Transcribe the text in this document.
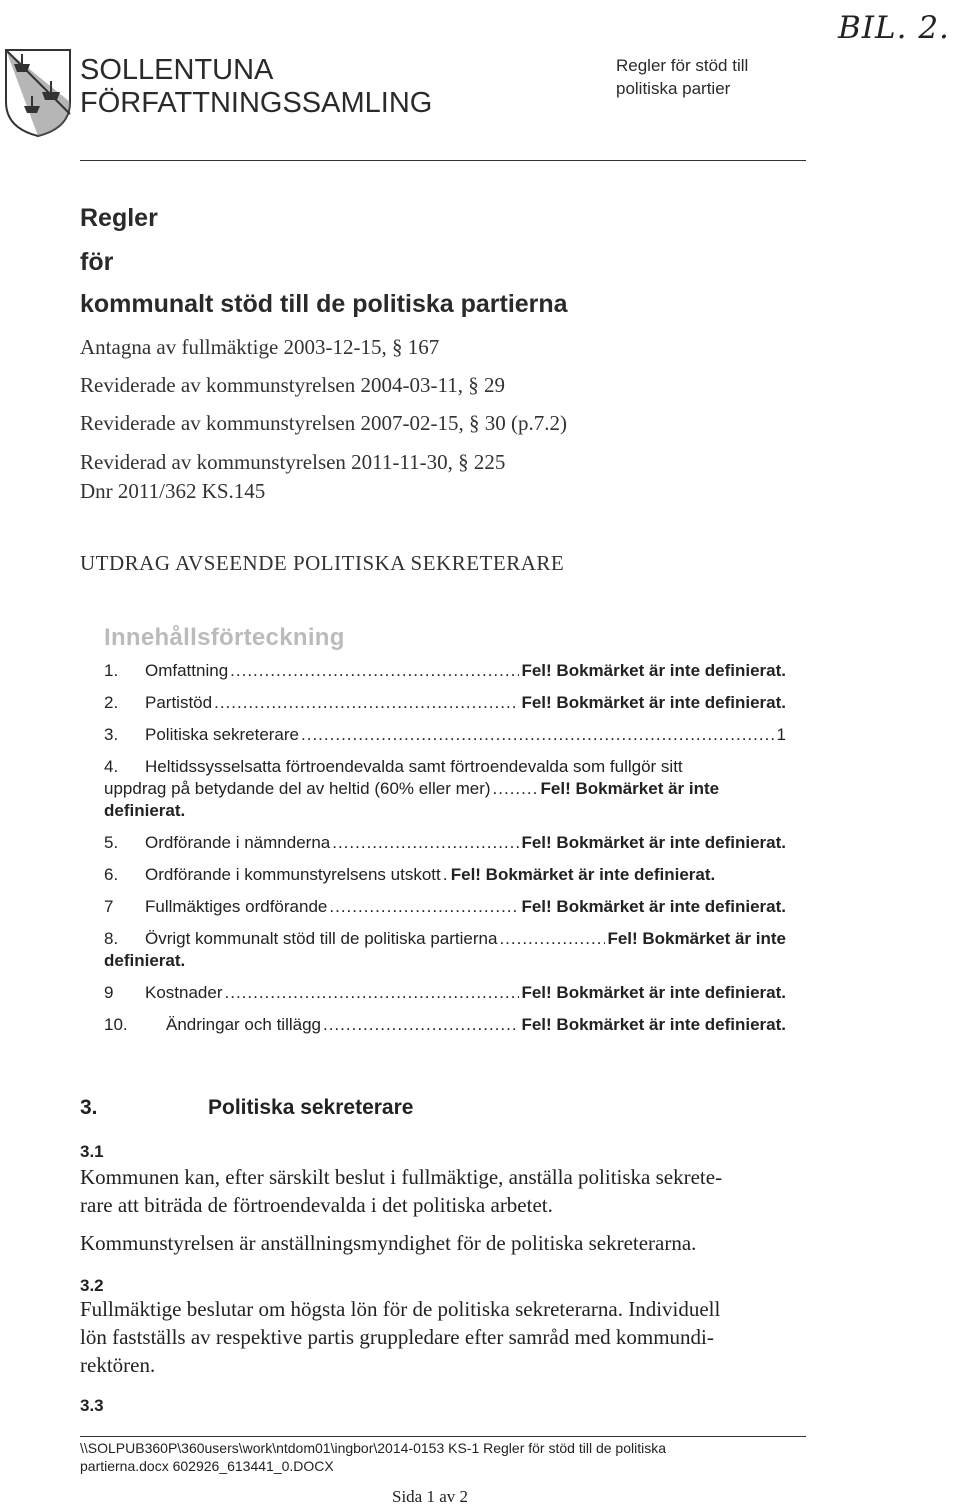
SOLLENTUNA
FÖRFATTNINGSSAMLING
Regler för stöd till
politiska partier
BIL. 2.
Regler
för
kommunalt stöd till de politiska partierna
Antagna av fullmäktige 2003-12-15, § 167
Reviderade av kommunstyrelsen 2004-03-11, § 29
Reviderade av kommunstyrelsen 2007-02-15, § 30 (p.7.2)
Reviderad av kommunstyrelsen 2011-11-30, § 225
Dnr 2011/362 KS.145
UTDRAG AVSEENDE POLITISKA SEKRETERARE
Innehållsförteckning
1.	Omfattning .....	Fel! Bokmärket är inte definierat.
2.	Partistöd .....	Fel! Bokmärket är inte definierat.
3.	Politiska sekreterare .....	1
4.	Heltidssysselsatta förtroendevalda samt förtroendevalda som fullgör sitt
uppdrag på betydande del av heltid (60% eller mer) .....	Fel! Bokmärket är inte
definierat.
5.	Ordförande i nämnderna .....	Fel! Bokmärket är inte definierat.
6.	Ordförande i kommunstyrelsens utskott ..... Fel! Bokmärket är inte definierat.
7	Fullmäktiges ordförande .....	Fel! Bokmärket är inte definierat.
8.	Övrigt kommunalt stöd till de politiska partierna .....	Fel! Bokmärket är inte
definierat.
9	Kostnader .....	Fel! Bokmärket är inte definierat.
10.	Ändringar och tillägg .....	Fel! Bokmärket är inte definierat.
3.	Politiska sekreterare
3.1
Kommunen kan, efter särskilt beslut i fullmäktige, anställa politiska sekrete-
rare att biträda de förtroendevalda i det politiska arbetet.
Kommunstyrelsen är anställningsmyndighet för de politiska sekreterarna.
3.2
Fullmäktige beslutar om högsta lön för de politiska sekreterarna. Individuell
lön fastställs av respektive partis gruppledare efter samråd med kommundi-
rektören.
3.3
\\SOLPUB360P\360users\work\ntdom01\ingbor\2014-0153 KS-1 Regler för stöd till de politiska
partierna.docx 602926_613441_0.DOCX
Sida 1 av 2
